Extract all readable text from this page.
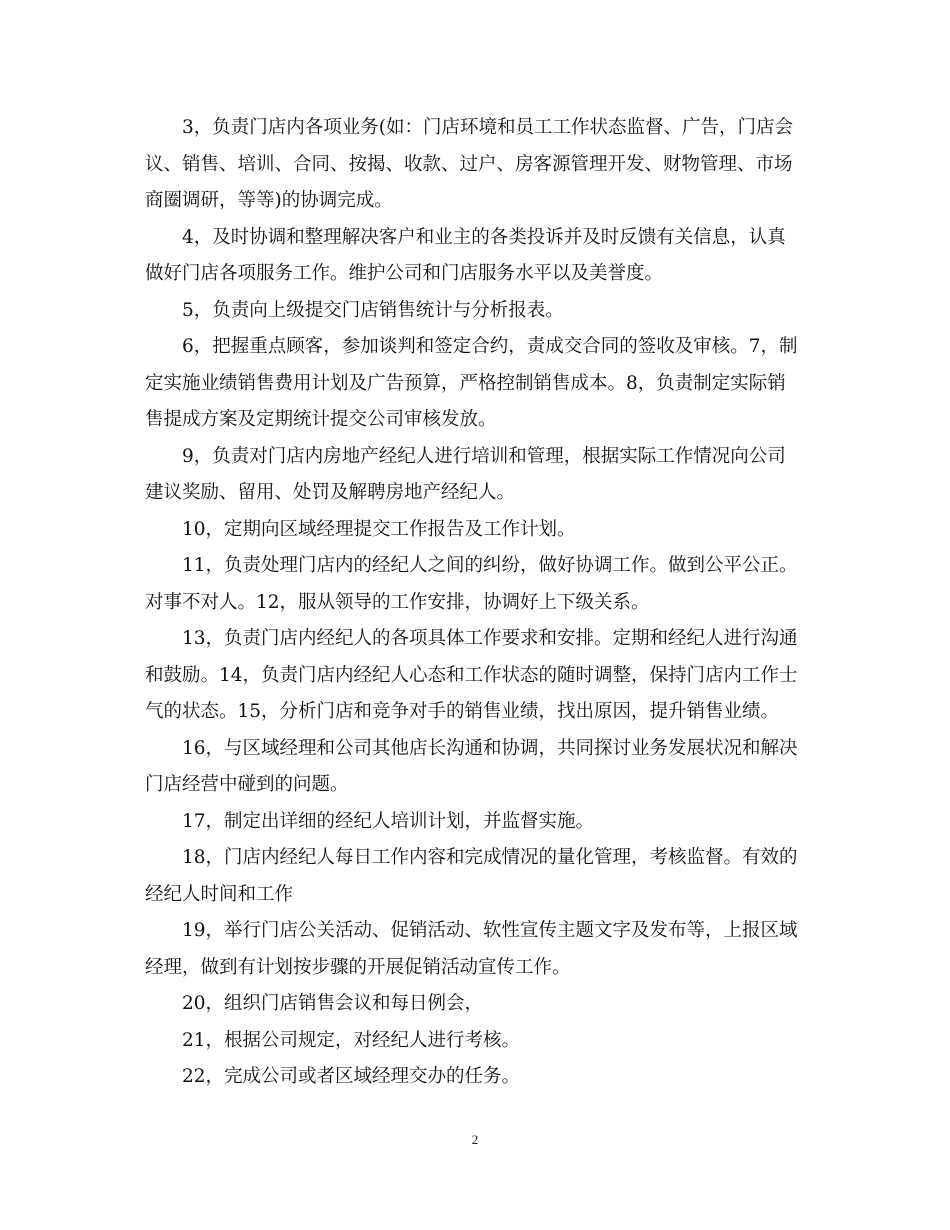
3，负责门店内各项业务(如：门店环境和员工工作状态监督、广告，门店会
议、销售、培训、合同、按揭、收款、过户、房客源管理开发、财物管理、市场
商圈调研，等等)的协调完成。

4，及时协调和整理解决客户和业主的各类投诉并及时反馈有关信息，认真
做好门店各项服务工作。维护公司和门店服务水平以及美誉度。

5，负责向上级提交门店销售统计与分析报表。

6，把握重点顾客，参加谈判和签定合约，责成交合同的签收及审核。7，制
定实施业绩销售费用计划及广告预算，严格控制销售成本。8，负责制定实际销
售提成方案及定期统计提交公司审核发放。

9，负责对门店内房地产经纪人进行培训和管理，根据实际工作情况向公司
建议奖励、留用、处罚及解聘房地产经纪人。

10，定期向区域经理提交工作报告及工作计划。

11，负责处理门店内的经纪人之间的纠纷，做好协调工作。做到公平公正。
对事不对人。12，服从领导的工作安排，协调好上下级关系。

13，负责门店内经纪人的各项具体工作要求和安排。定期和经纪人进行沟通
和鼓励。14，负责门店内经纪人心态和工作状态的随时调整，保持门店内工作士
气的状态。15，分析门店和竞争对手的销售业绩，找出原因，提升销售业绩。

16，与区域经理和公司其他店长沟通和协调，共同探讨业务发展状况和解决
门店经营中碰到的问题。

17，制定出详细的经纪人培训计划，并监督实施。

18，门店内经纪人每日工作内容和完成情况的量化管理，考核监督。有效的
经纪人时间和工作

19，举行门店公关活动、促销活动、软性宣传主题文字及发布等，上报区域
经理，做到有计划按步骤的开展促销活动宣传工作。

20，组织门店销售会议和每日例会，

21，根据公司规定，对经纪人进行考核。

22，完成公司或者区域经理交办的任务。

2
